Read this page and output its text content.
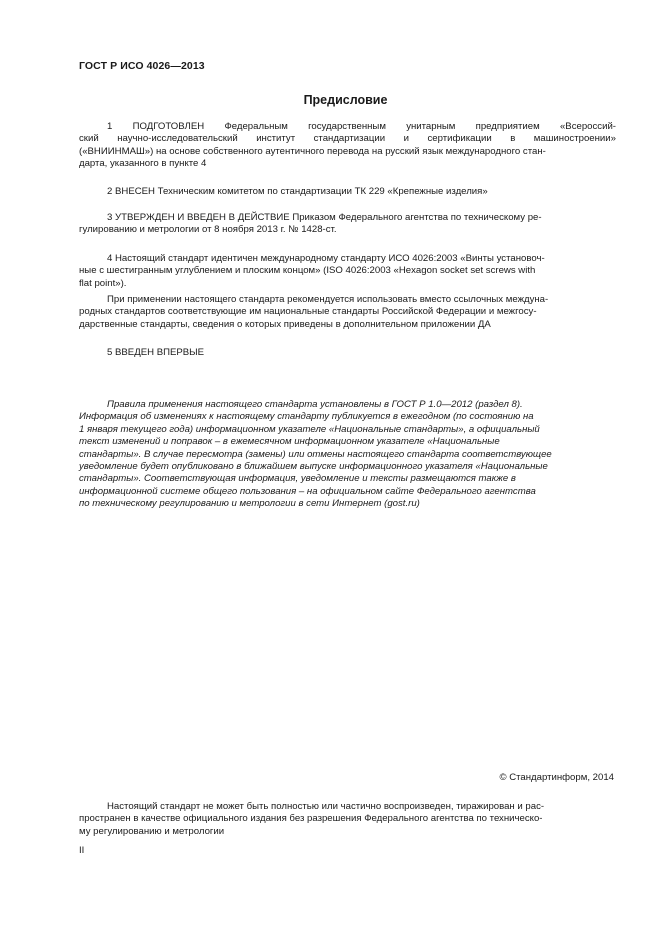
ГОСТ Р ИСО 4026—2013
Предисловие
1 ПОДГОТОВЛЕН Федеральным государственным унитарным предприятием «Всероссий-
ский научно-исследовательский институт стандартизации и сертификации в машиностроении»
(«ВНИИНМАШ») на основе собственного аутентичного перевода на русский язык международного стан-
дарта, указанного в пункте 4
2 ВНЕСЕН Техническим комитетом по стандартизации ТК 229 «Крепежные изделия»
3 УТВЕРЖДЕН И ВВЕДЕН В ДЕЙСТВИЕ Приказом Федерального агентства по техническому ре-
гулированию и метрологии от 8 ноября 2013 г. № 1428-ст.
4 Настоящий стандарт идентичен международному стандарту ИСО 4026:2003 «Винты установоч-
ные с шестигранным углублением и плоским концом» (ISO 4026:2003 «Hexagon socket set screws with
flat point»).
При применении настоящего стандарта рекомендуется использовать вместо ссылочных междуна-
родных стандартов соответствующие им национальные стандарты Российской Федерации и межгосу-
дарственные стандарты, сведения о которых приведены в дополнительном приложении ДА
5 ВВЕДЕН ВПЕРВЫЕ
Правила применения настоящего стандарта установлены в ГОСТ Р 1.0—2012 (раздел 8).
Информация об изменениях к настоящему стандарту публикуется в ежегодном (по состоянию на
1 января текущего года) информационном указателе «Национальные стандарты», а официальный
текст изменений и поправок – в ежемесячном информационном указателе «Национальные
стандарты». В случае пересмотра (замены) или отмены настоящего стандарта соответствующее
уведомление будет опубликовано в ближайшем выпуске информационного указателя «Национальные
стандарты». Соответствующая информация, уведомление и тексты размещаются также в
информационной системе общего пользования – на официальном сайте Федерального агентства
по техническому регулированию и метрологии в сети Интернет (gost.ru)
© Стандартинформ, 2014
Настоящий стандарт не может быть полностью или частично воспроизведен, тиражирован и рас-
пространен в качестве официального издания без разрешения Федерального агентства по техническо-
му регулированию и метрологии
II
